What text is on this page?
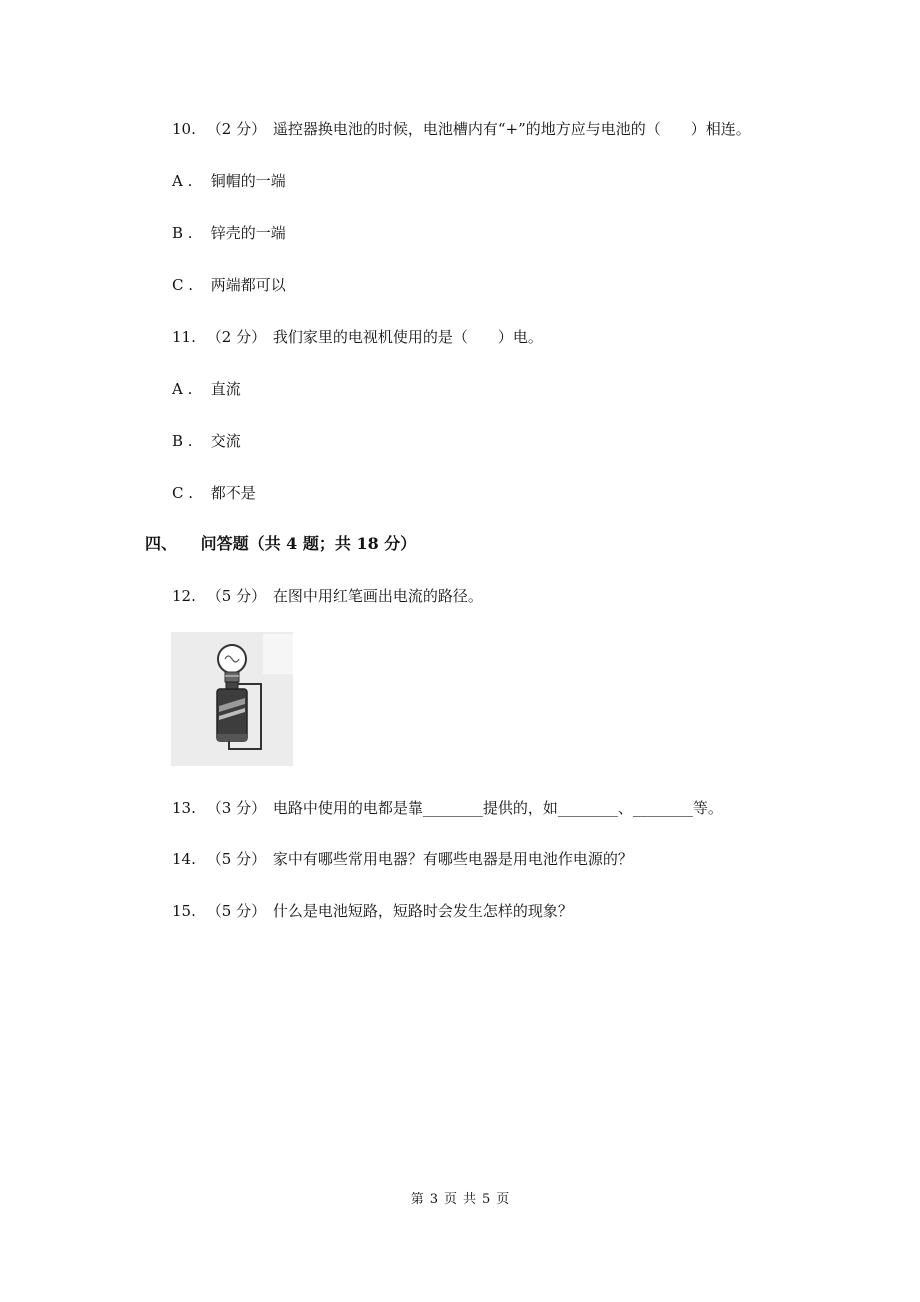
10. （2 分） 遥控器换电池的时候，电池槽内有“+”的地方应与电池的（　　）相连。
A . 铜帽的一端
B . 锌壳的一端
C . 两端都可以
11. （2 分） 我们家里的电视机使用的是（　　）电。
A . 直流
B . 交流
C . 都不是
四、 问答题（共 4 题；共 18 分）
12. （5 分） 在图中用红笔画出电流的路径。
13. （3 分） 电路中使用的电都是靠________提供的，如________、________等。
14. （5 分） 家中有哪些常用电器？有哪些电器是用电池作电源的？
15. （5 分） 什么是电池短路，短路时会发生怎样的现象？
第 3 页 共 5 页
